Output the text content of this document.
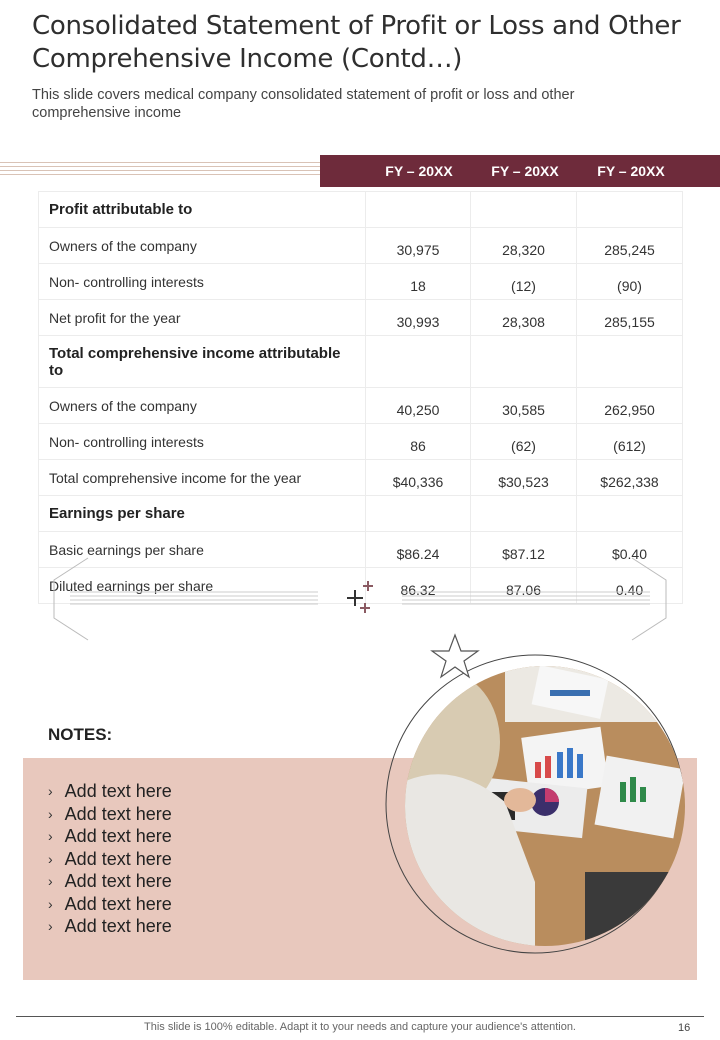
Consolidated Statement of Profit or Loss and Other Comprehensive Income (Contd…)

This slide covers medical company consolidated statement of profit or loss and other comprehensive income

FY – 20XX	FY – 20XX	FY – 20XX
Profit attributable to			
Owners of the company	30,975	28,320	285,245
Non- controlling interests	18	(12)	(90)
Net profit for the year	30,993	28,308	285,155
Total comprehensive income attributable to			
Owners of the company	40,250	30,585	262,950
Non- controlling interests	86	(62)	(612)
Total comprehensive income for the year	$40,336	$30,523	$262,338
Earnings per share			
Basic earnings per share	$86.24	$87.12	$0.40
Diluted earnings per share	86.32	87.06	0.40
NOTES:
› Add text here
› Add text here
› Add text here
› Add text here
› Add text here
› Add text here
› Add text here
This slide is 100% editable. Adapt it to your needs and capture your audience's attention.	16
